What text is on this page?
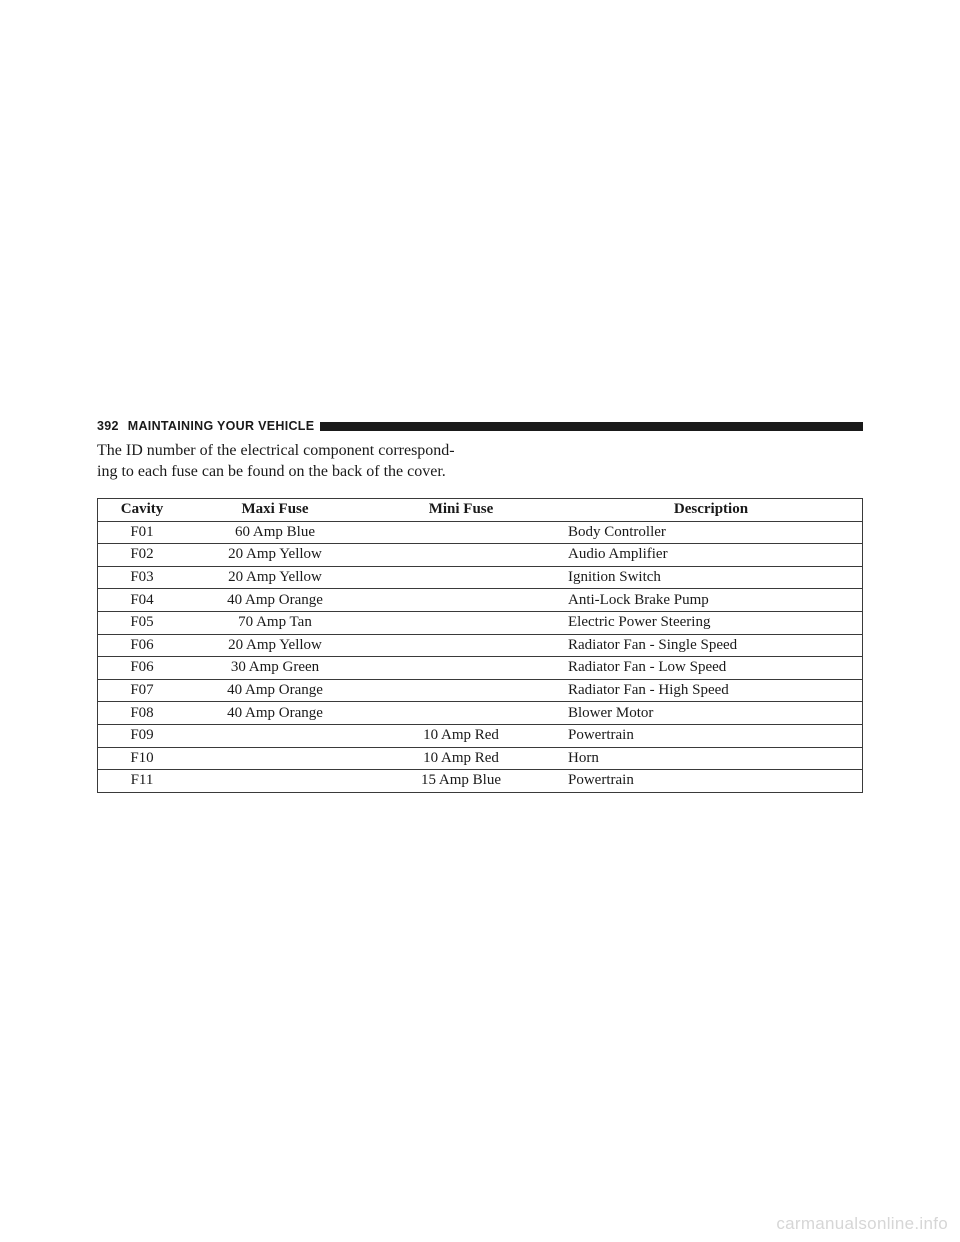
392 MAINTAINING YOUR VEHICLE

The ID number of the electrical component correspond-

ing to each fuse can be found on the back of the cover.

Cavity	Maxi Fuse	Mini Fuse	Description
F01	60 Amp Blue		Body Controller
F02	20 Amp Yellow		Audio Amplifier
F03	20 Amp Yellow		Ignition Switch
F04	40 Amp Orange		Anti-Lock Brake Pump
F05	70 Amp Tan		Electric Power Steering
F06	20 Amp Yellow		Radiator Fan - Single Speed
F06	30 Amp Green		Radiator Fan - Low Speed
F07	40 Amp Orange		Radiator Fan - High Speed
F08	40 Amp Orange		Blower Motor
F09		10 Amp Red	Powertrain
F10		10 Amp Red	Horn
F11		15 Amp Blue	Powertrain
carmanualsonline.info
